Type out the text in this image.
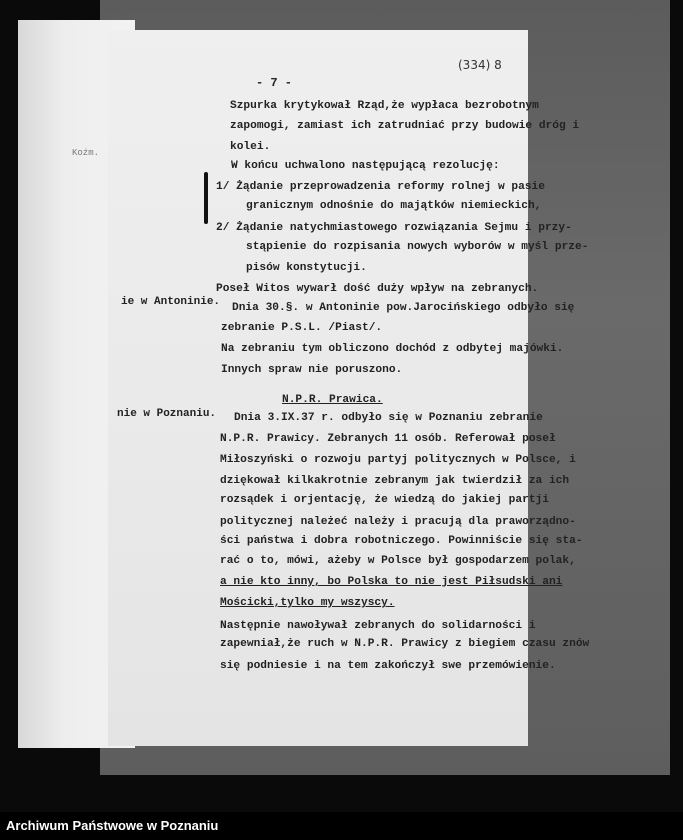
Koźm.
- 7 -
(334) 8
ie w Antoninie.
nie w Poznaniu.
Szpurka krytykował Rząd,że wypłaca bezrobotnym
zapomogi, zamiast ich zatrudniać przy budowie dróg i
kolei.
W końcu uchwalono następującą rezolucję:
1/ Żądanie przeprowadzenia reformy rolnej w pasie
granicznym odnośnie do majątków niemieckich,
2/ Żądanie natychmiastowego rozwiązania Sejmu i przy-
stąpienie do rozpisania nowych wyborów w myśl prze-
pisów konstytucji.
Poseł Witos wywarł dość duży wpływ na zebranych.
Dnia 30.§. w Antoninie pow.Jarocińskiego odbyło się
zebranie P.S.L. /Piast/.
Na zebraniu tym obliczono dochód z odbytej majówki.
Innych spraw nie poruszono.
N.P.R. Prawica.
Dnia 3.IX.37 r. odbyło się w Poznaniu zebranie
N.P.R. Prawicy. Zebranych 11 osób. Referował poseł
Miłoszyński o rozwoju partyj politycznych w Polsce, i
dziękował kilkakrotnie zebranym jak twierdził za ich
rozsądek i orjentację, że wiedzą do jakiej partji
politycznej należeć należy i pracują dla praworządno-
ści państwa i dobra robotniczego. Powinniście się sta-
rać o to, mówi, ażeby w Polsce był gospodarzem polak,
a nie kto inny, bo Polska to nie jest Piłsudski ani
Mościcki,tylko my wszyscy.
Następnie nawoływał zebranych do solidarności i
zapewniał,że ruch w N.P.R. Prawicy z biegiem czasu znów
się podniesie i na tem zakończył swe przemówienie.
Archiwum Państwowe w Poznaniu
